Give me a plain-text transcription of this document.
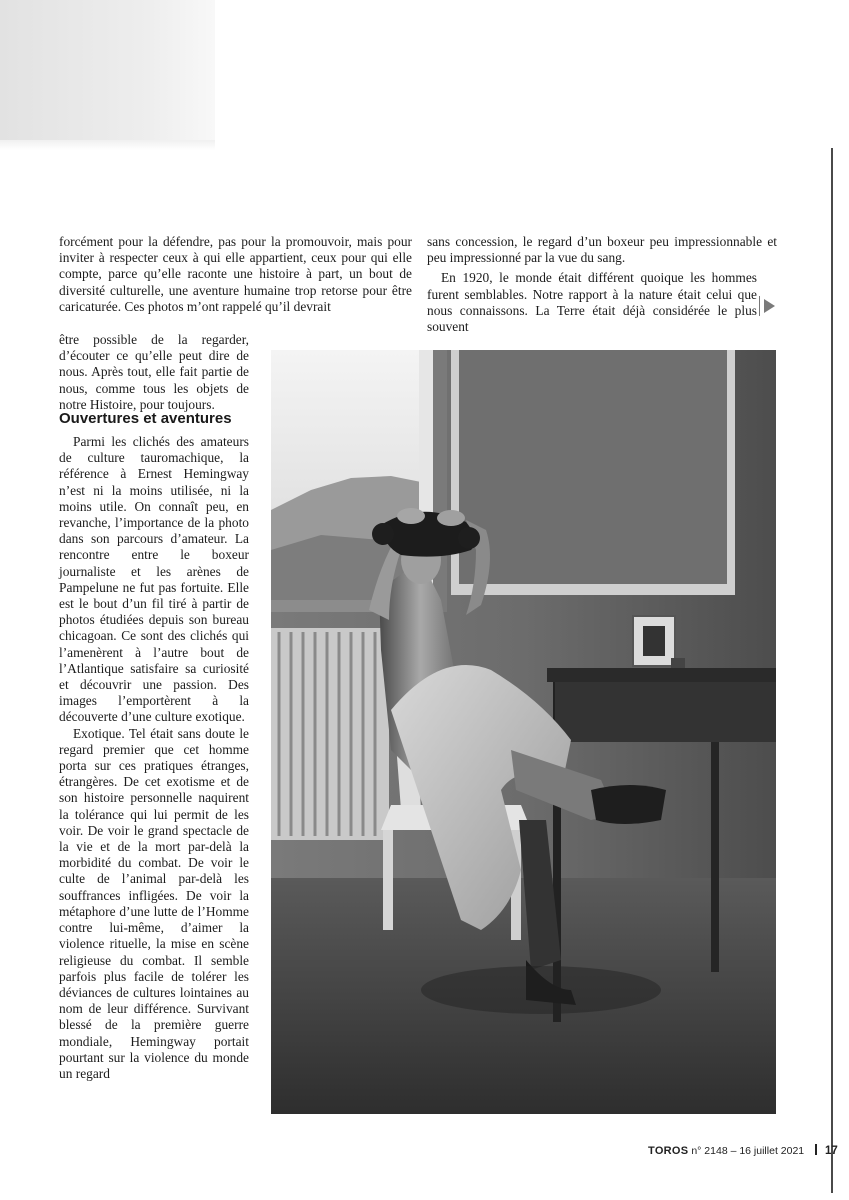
forcément pour la défendre, pas pour la promouvoir, mais pour inviter à respecter ceux à qui elle appartient, ceux pour qui elle compte, parce qu’elle raconte une histoire à part, un bout de diversité culturelle, une aventure humaine trop retorse pour être caricaturée. Ces photos m’ont rappelé qu’il devrait

être possible de la regarder, d’écouter ce qu’elle peut dire de nous. Après tout, elle fait partie de nous, comme tous les objets de notre Histoire, pour toujours.

Ouvertures et aventures

Parmi les clichés des amateurs de culture tauromachique, la référence à Ernest Hemingway n’est ni la moins utilisée, ni la moins utile. On connaît peu, en revanche, l’importance de la photo dans son parcours d’amateur. La rencontre entre le boxeur journaliste et les arènes de Pampelune ne fut pas fortuite. Elle est le bout d’un fil tiré à partir de photos étudiées depuis son bureau chicagoan. Ce sont des clichés qui l’amenèrent à l’autre bout de l’Atlantique satisfaire sa curiosité et découvrir une passion. Des images l’emportèrent à la découverte d’une culture exotique.

Exotique. Tel était sans doute le regard premier que cet homme porta sur ces pratiques étranges, étrangères. De cet exotisme et de son histoire personnelle naquirent la tolérance qui lui permit de les voir. De voir le grand spectacle de la vie et de la mort par-delà la morbidité du combat. De voir le culte de l’animal par-delà les souffrances infligées. De voir la métaphore d’une lutte de l’Homme contre lui-même, d’aimer la violence rituelle, la mise en scène religieuse du combat. Il semble parfois plus facile de tolérer les déviances de cultures lointaines au nom de leur différence. Survivant blessé de la première guerre mondiale, Hemingway portait pourtant sur la violence du monde un regard

sans concession, le regard d’un boxeur peu impressionnable et peu impressionné par la vue du sang.

En 1920, le monde était différent quoique les hommes furent semblables. Notre rapport à la nature était celui que nous connaissons. La Terre était déjà considérée le plus souvent

TOROS n° 2148 – 16 juillet 2021 17
